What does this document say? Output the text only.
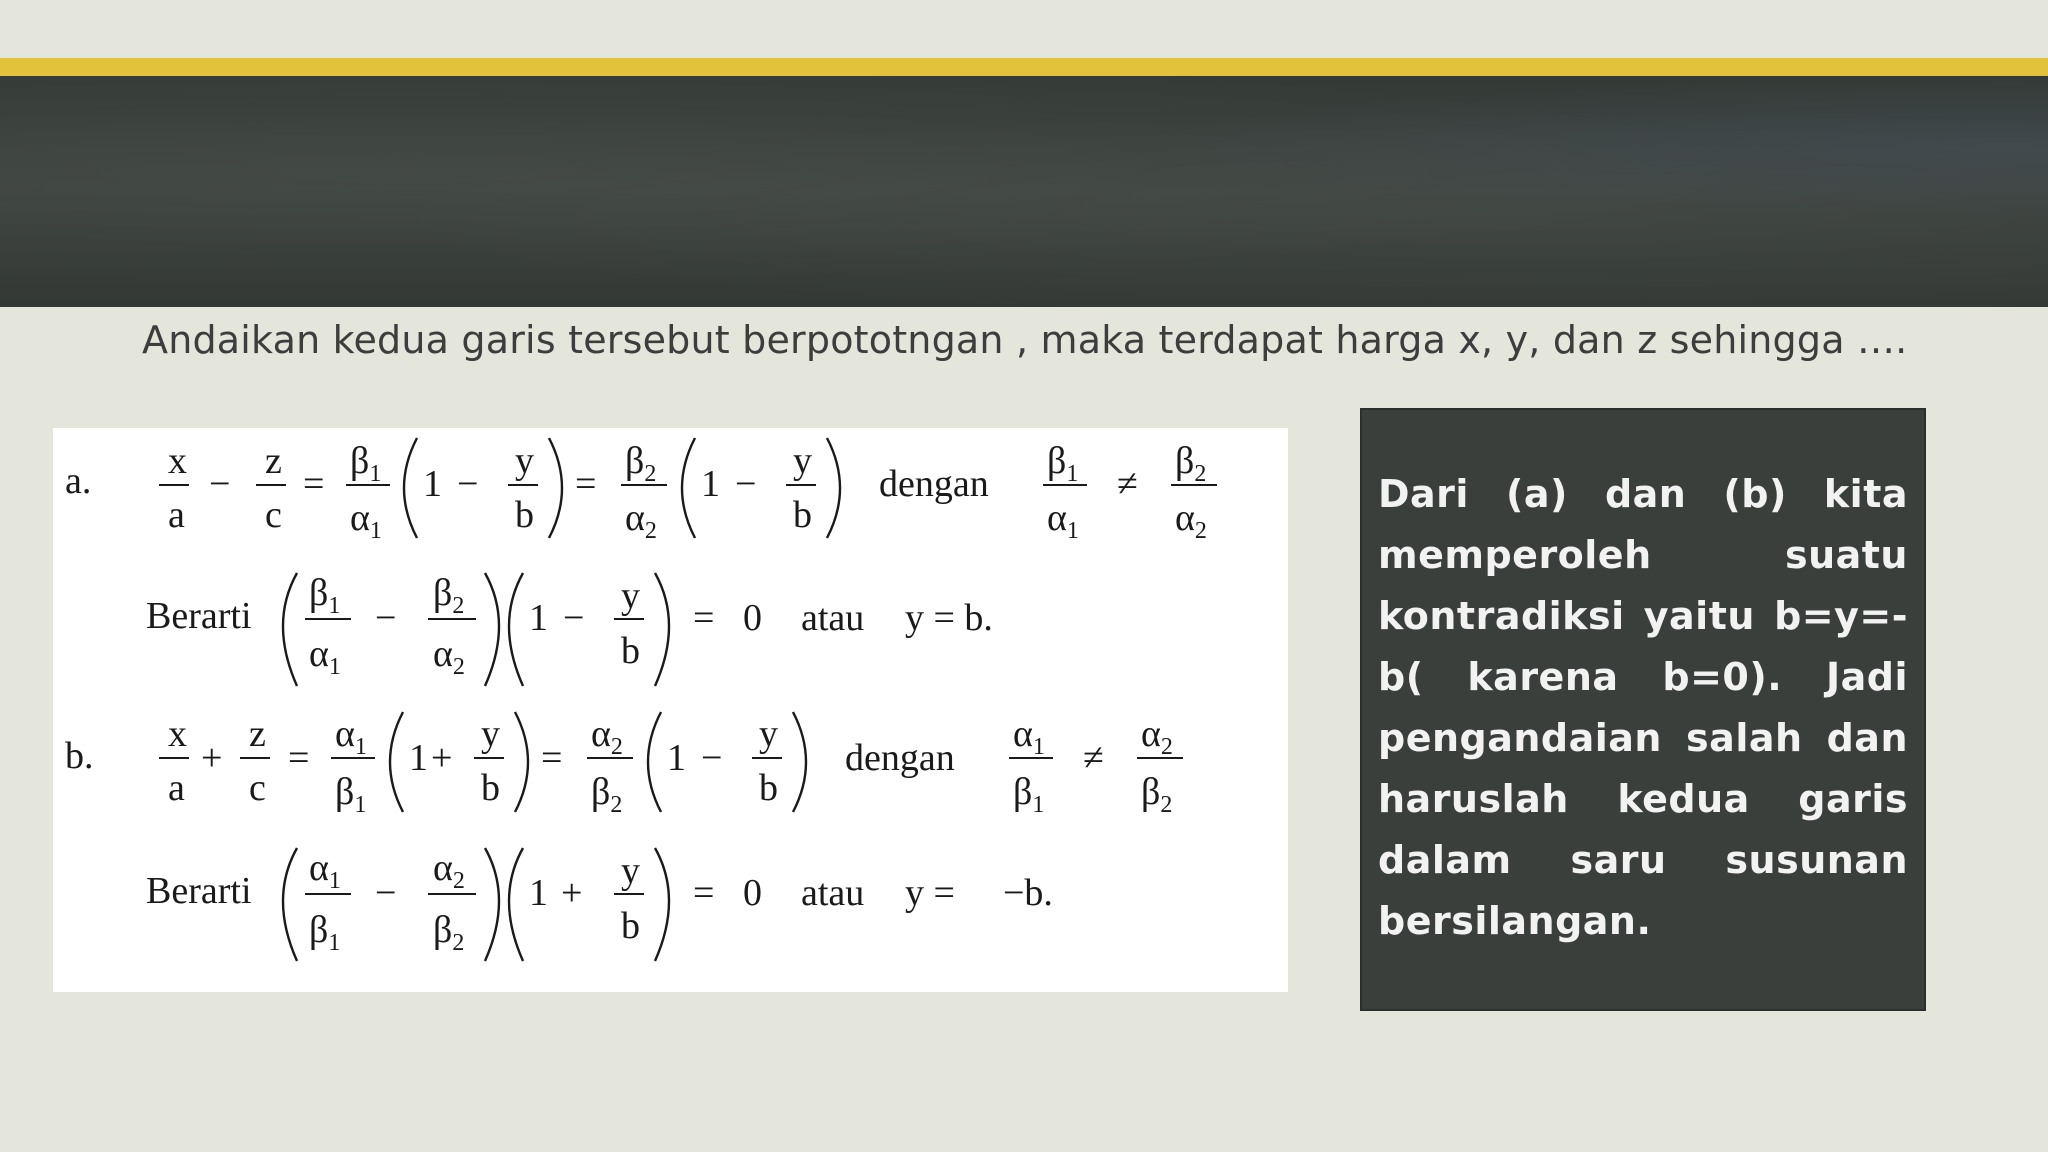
Andaikan kedua garis tersebut berpototngan , maka terdapat harga x, y, dan z sehingga ….
a. x
a
−
z
c
=
$\beta_1$
$\alpha_1$
1 −
y
b
=
$\beta_2$
$\alpha_2$
1 −
y
b
dengan
$\beta_1$
$\alpha_1$
≠
$\beta_2$
$\alpha_2$
Berarti
$\beta_1$
$\alpha_1$
−
$\beta_2$
$\alpha_2$
1 −
y
b
= 0 atau y = b.
b.
x
a
+
z
c
=
$\alpha_1$
$\beta_1$
1 +
y
b
=
$\alpha_2$
$\beta_2$
1 −
y
b
dengan
$\alpha_1$
$\beta_1$
≠
$\alpha_2$
$\beta_2$
Berarti
$\alpha_1$
$\beta_1$
−
$\alpha_2$
$\beta_2$
1 +
y
b
= 0 atau y = −b.

Dari (a) dan (b) kita memperoleh suatu kontradiksi yaitu b=y=-b( karena b=0). Jadi pengandaian salah dan haruslah kedua garis dalam saru susunan bersilangan.
